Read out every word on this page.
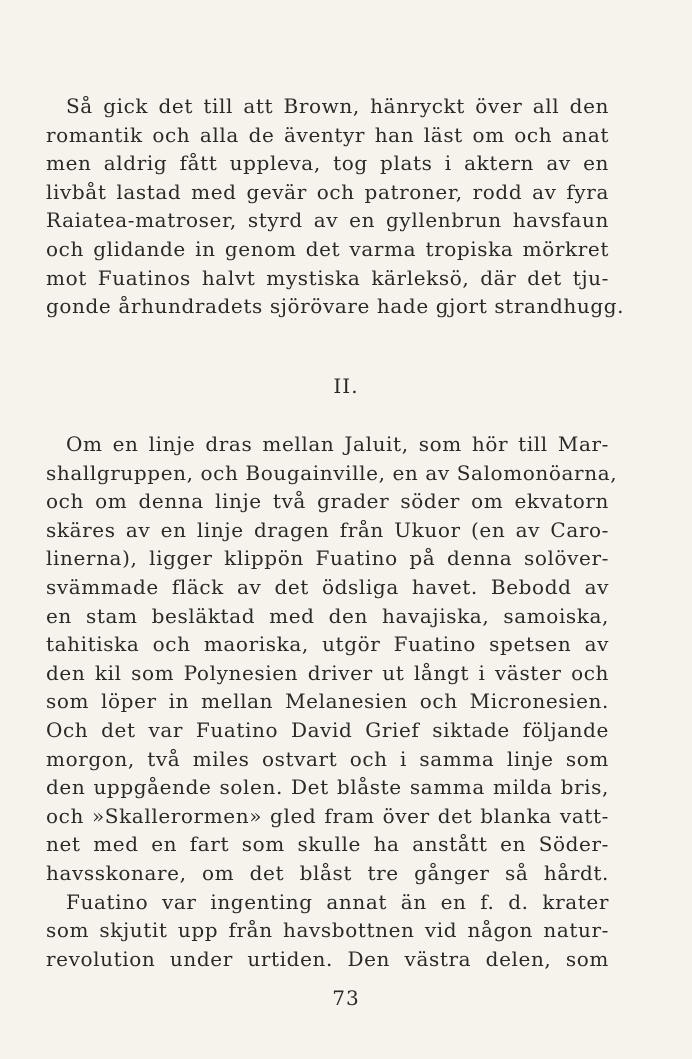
Så gick det till att Brown, hänryckt över all den
romantik och alla de äventyr han läst om och anat
men aldrig fått uppleva, tog plats i aktern av en
livbåt lastad med gevär och patroner, rodd av fyra
Raiatea-matroser, styrd av en gyllenbrun havsfaun
och glidande in genom det varma tropiska mörkret
mot Fuatinos halvt mystiska kärleksö, där det tju-
gonde århundradets sjörövare hade gjort strandhugg.
II.
Om en linje dras mellan Jaluit, som hör till Mar-
shallgruppen, och Bougainville, en av Salomonöarna,
och om denna linje två grader söder om ekvatorn
skäres av en linje dragen från Ukuor (en av Caro-
linerna), ligger klippön Fuatino på denna solöver-
svämmade fläck av det ödsliga havet. Bebodd av
en stam besläktad med den havajiska, samoiska,
tahitiska och maoriska, utgör Fuatino spetsen av
den kil som Polynesien driver ut långt i väster och
som löper in mellan Melanesien och Micronesien.
Och det var Fuatino David Grief siktade följande
morgon, två miles ostvart och i samma linje som
den uppgående solen. Det blåste samma milda bris,
och »Skallerormen» gled fram över det blanka vatt-
net med en fart som skulle ha anstått en Söder-
havsskonare, om det blåst tre gånger så hårdt.
Fuatino var ingenting annat än en f. d. krater
som skjutit upp från havsbottnen vid någon natur-
revolution under urtiden. Den västra delen, som
73
